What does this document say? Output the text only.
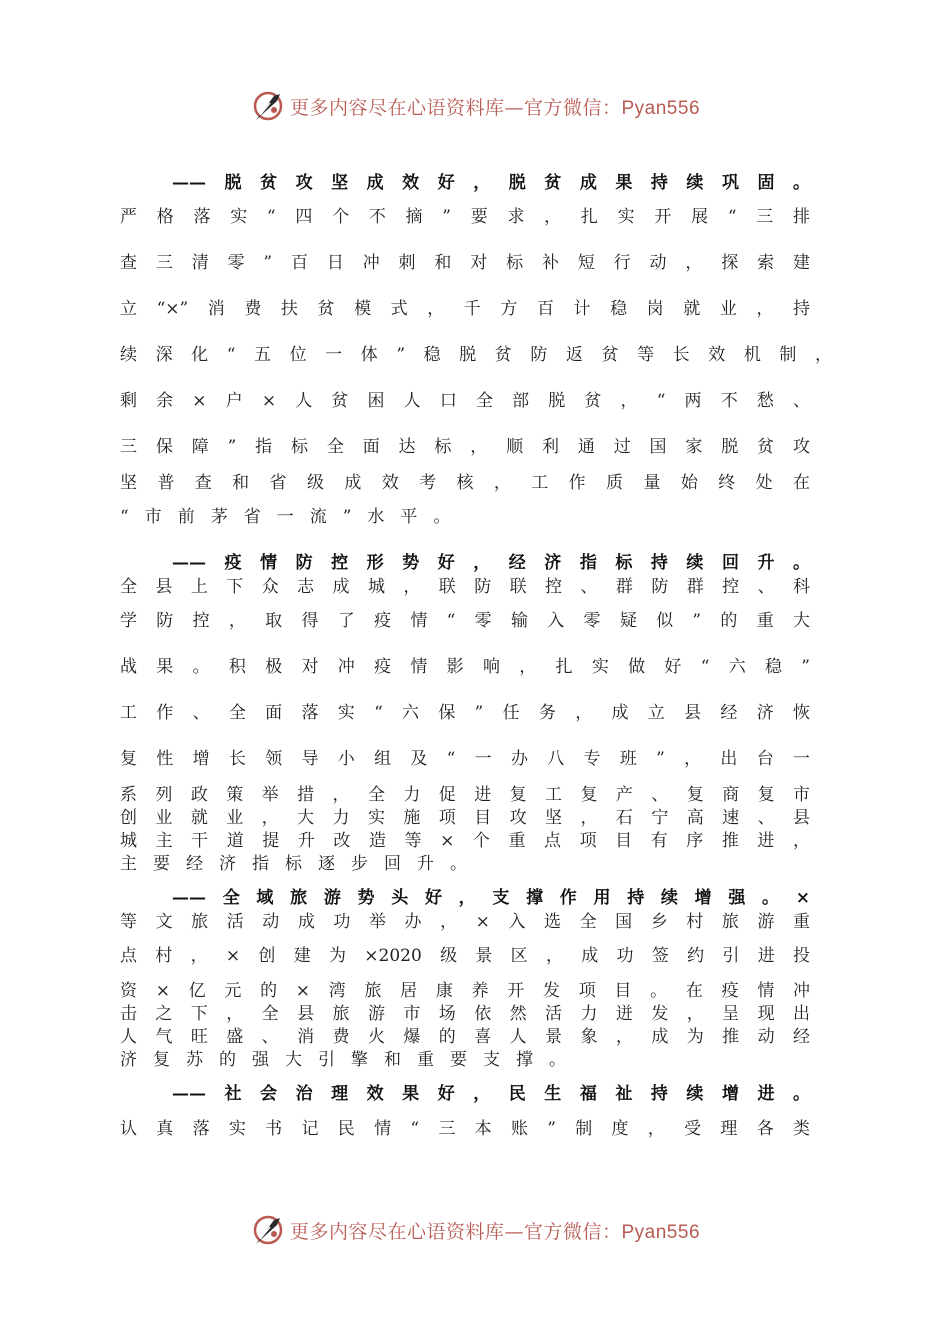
更多内容尽在心语资料库—官方微信：Pyan556
——脱贫攻坚成效好，脱贫成果持续巩固。
严格落实“四个不摘”要求，扎实开展“三排
查三清零”百日冲刺和对标补短行动，探索建
立“×”消费扶贫模式，千方百计稳岗就业，持
续深化“五位一体”稳脱贫防返贫等长效机制，
剩余×户×人贫困人口全部脱贫，“两不愁、
三保障”指标全面达标，顺利通过国家脱贫攻
坚普查和省级成效考核，工作质量始终处在
“市前茅省一流”水平。
——疫情防控形势好，经济指标持续回升。
全县上下众志成城，联防联控、群防群控、科
学防控，取得了疫情“零输入零疑似”的重大
战果。积极对冲疫情影响，扎实做好“六稳”
工作、全面落实“六保”任务，成立县经济恢
复性增长领导小组及“一办八专班”，出台一
系列政策举措，全力促进复工复产、复商复市
创业就业，大力实施项目攻坚，石宁高速、县
城主干道提升改造等×个重点项目有序推进，
主要经济指标逐步回升。
——全域旅游势头好，支撑作用持续增强。×
等文旅活动成功举办，×入选全国乡村旅游重
点村，×创建为×2020级景区，成功签约引进投
资×亿元的×湾旅居康养开发项目。在疫情冲
击之下，全县旅游市场依然活力迸发，呈现出
人气旺盛、消费火爆的喜人景象，成为推动经
济复苏的强大引擎和重要支撑。
——社会治理效果好，民生福祉持续增进。
认真落实书记民情“三本账”制度，受理各类
更多内容尽在心语资料库—官方微信：Pyan556
